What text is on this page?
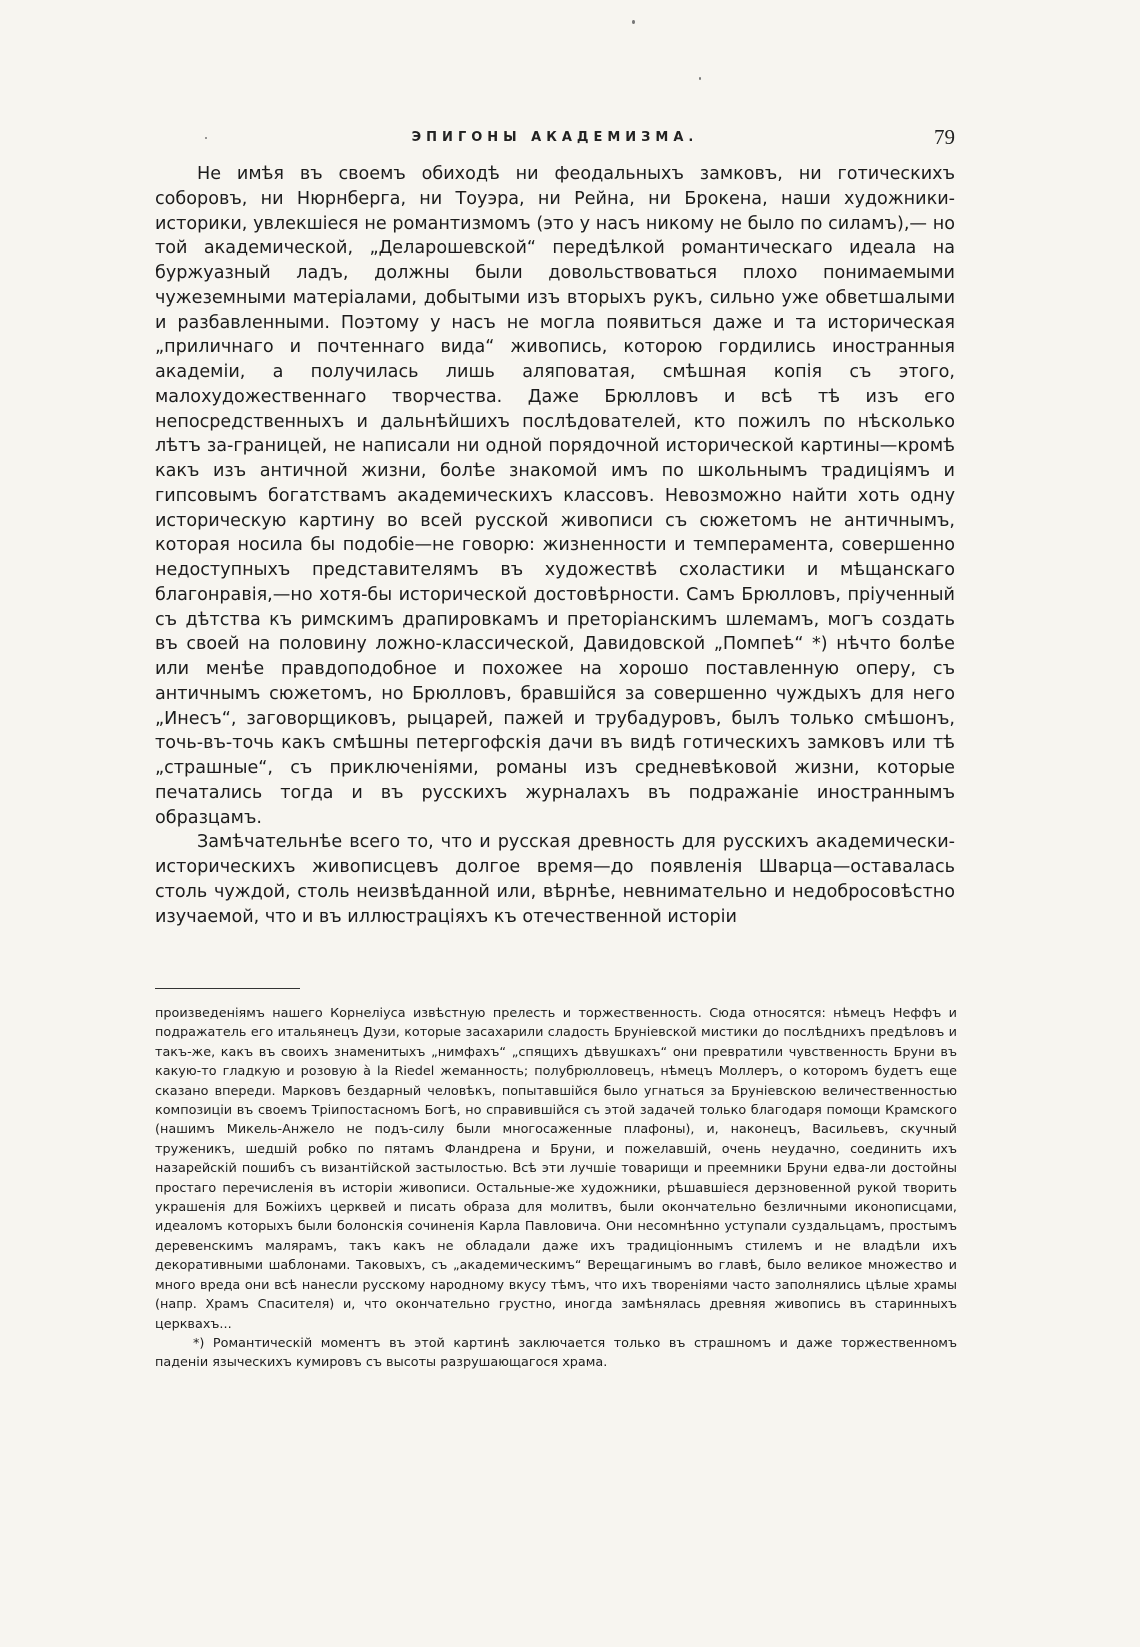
ЭПИГОНЫ АКАДЕМИЗМА.	79

Не имѣя въ своемъ обиходѣ ни феодальныхъ замковъ, ни готическихъ соборовъ, ни Нюрнберга, ни Тоуэра, ни Рейна, ни Брокена, наши художники-историки, увлекшіеся не романтизмомъ (это у насъ никому не было по силамъ),— но той академической, „Деларошевской“ передѣлкой романтическаго идеала на буржуазный ладъ, должны были довольствоваться плохо понимаемыми чужеземными матеріалами, добытыми изъ вторыхъ рукъ, сильно уже обветшалыми и разбавленными. Поэтому у насъ не могла появиться даже и та историческая „приличнаго и почтеннаго вида“ живопись, которою гордились иностранныя академіи, а получилась лишь аляповатая, смѣшная копія съ этого, малохудожественнаго творчества. Даже Брюлловъ и всѣ тѣ изъ его непосредственныхъ и дальнѣйшихъ послѣдователей, кто пожилъ по нѣсколько лѣтъ за-границей, не написали ни одной порядочной исторической картины—кромѣ какъ изъ античной жизни, болѣе знакомой имъ по школьнымъ традиціямъ и гипсовымъ богатствамъ академическихъ классовъ. Невозможно найти хоть одну историческую картину во всей русской живописи съ сюжетомъ не античнымъ, которая носила бы подобіе—не говорю: жизненности и темперамента, совершенно недоступныхъ представителямъ въ художествѣ схоластики и мѣщанскаго благонравія,—но хотя-бы исторической достовѣрности. Самъ Брюлловъ, пріученный съ дѣтства къ римскимъ драпировкамъ и преторіанскимъ шлемамъ, могъ создать въ своей на половину ложно-классической, Давидовской „Помпеѣ“ *) нѣчто болѣе или менѣе правдоподобное и похожее на хорошо поставленную оперу, съ античнымъ сюжетомъ, но Брюлловъ, бравшійся за совершенно чуждыхъ для него „Инесъ“, заговорщиковъ, рыцарей, пажей и трубадуровъ, былъ только смѣшонъ, точь-въ-точь какъ смѣшны петергофскія дачи въ видѣ готическихъ замковъ или тѣ „страшные“, съ приключеніями, романы изъ средневѣковой жизни, которые печатались тогда и въ русскихъ журналахъ въ подражаніе иностраннымъ образцамъ.

Замѣчательнѣе всего то, что и русская древность для русскихъ академически-историческихъ живописцевъ долгое время—до появленія Шварца—оставалась столь чуждой, столь неизвѣданной или, вѣрнѣе, невнимательно и недобросовѣстно изучаемой, что и въ иллюстраціяхъ къ отечественной исторіи

произведеніямъ нашего Корнеліуса извѣстную прелесть и торжественность. Сюда относятся: нѣмецъ Неффъ и подражатель его итальянецъ Дузи, которые засахарили сладость Бруніевской мистики до послѣднихъ предѣловъ и такъ-же, какъ въ своихъ знаменитыхъ „нимфахъ“ „спящихъ дѣвушкахъ“ они превратили чувственность Бруни въ какую-то гладкую и розовую à la Riedel жеманность; полубрюлловецъ, нѣмецъ Моллеръ, о которомъ будетъ еще сказано впереди. Марковъ бездарный человѣкъ, попытавшійся было угнаться за Бруніевскою величественностью композиціи въ своемъ Тріипостасномъ Богѣ, но справившійся съ этой задачей только благодаря помощи Крамского (нашимъ Микель-Анжело не подъ-силу были многосаженные плафоны), и, наконецъ, Васильевъ, скучный труженикъ, шедшій робко по пятамъ Фландрена и Бруни, и пожелавшій, очень неудачно, соединить ихъ назарейскій пошибъ съ византійской застылостью. Всѣ эти лучшіе товарищи и преемники Бруни едва-ли достойны простаго перечисленія въ исторіи живописи. Остальные-же художники, рѣшавшіеся дерзновенной рукой творить украшенія для Божіихъ церквей и писать образа для молитвъ, были окончательно безличными иконописцами, идеаломъ которыхъ были болонскія сочиненія Карла Павловича. Они несомнѣнно уступали суздальцамъ, простымъ деревенскимъ малярамъ, такъ какъ не обладали даже ихъ традиціоннымъ стилемъ и не владѣли ихъ декоративными шаблонами. Таковыхъ, съ „академическимъ“ Верещагинымъ во главѣ, было великое множество и много вреда они всѣ нанесли русскому народному вкусу тѣмъ, что ихъ твореніями часто заполнялись цѣлые храмы (напр. Храмъ Спасителя) и, что окончательно грустно, иногда замѣнялась древняя живопись въ старинныхъ церквахъ...

*) Романтическій моментъ въ этой картинѣ заключается только въ страшномъ и даже торжественномъ паденіи языческихъ кумировъ съ высоты разрушающагося храма.
